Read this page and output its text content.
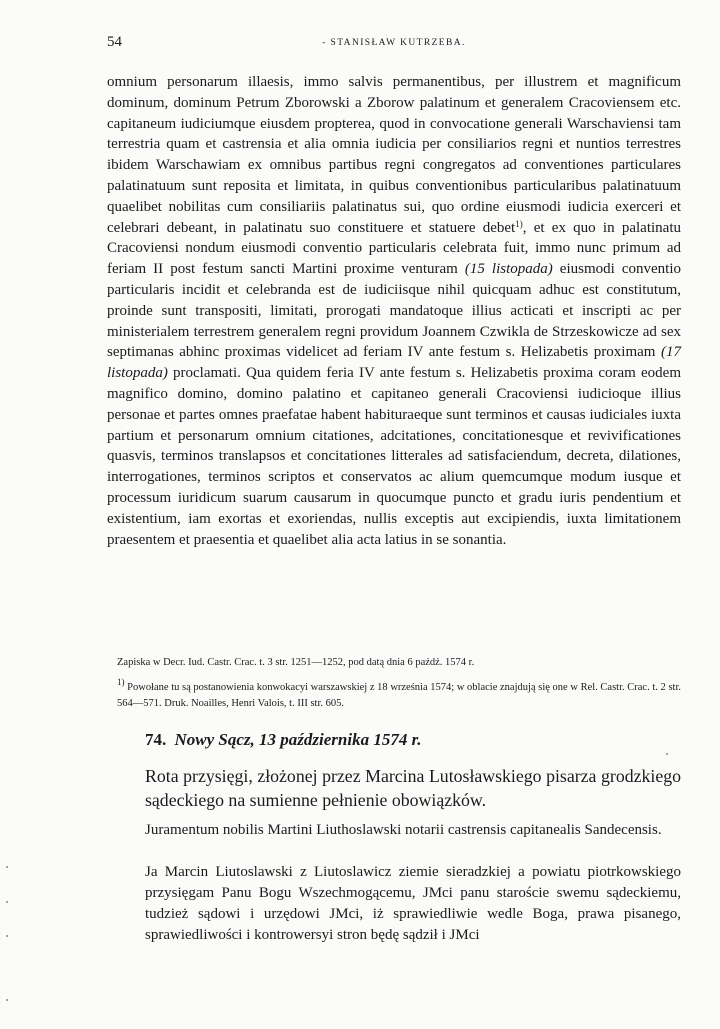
54	- STANISŁAW KUTRZEBA.

omnium personarum illaesis, immo salvis permanentibus, per illustrem et magnificum dominum, dominum Petrum Zborowski a Zborow palatinum et generalem Cracoviensem etc. capitaneum iudiciumque eiusdem propterea, quod in convocatione generali Warschaviensi tam terrestria quam et castrensia et alia omnia iudicia per consiliarios regni et nuntios terrestres ibidem Warschawiam ex omnibus partibus regni congregatos ad conventiones particulares palatinatuum sunt reposita et limitata, in quibus conventionibus particularibus palatinatuum quaelibet nobilitas cum consiliariis palatinatus sui, quo ordine eiusmodi iudicia exerceri et celebrari debeant, in palatinatu suo constituere et statuere debet$^{1)}$, et ex quo in palatinatu Cracoviensi nondum eiusmodi conventio particularis celebrata fuit, immo nunc primum ad feriam II post festum sancti Martini proxime venturam (15 listopada) eiusmodi conventio particularis incidit et celebranda est de iudiciisque nihil quicquam adhuc est constitutum, proinde sunt transpositi, limitati, prorogati mandatoque illius acticati et inscripti ac per ministerialem terrestrem generalem regni providum Joannem Czwikla de Strzeskowicze ad sex septimanas abhinc proximas videlicet ad feriam IV ante festum s. Helizabetis proximam (17 listopada) proclamati. Qua quidem feria IV ante festum s. Helizabetis proxima coram eodem magnifico domino, domino palatino et capitaneo generali Cracoviensi iudicioque illius personae et partes omnes praefatae habent habituraeque sunt terminos et causas iudiciales iuxta partium et personarum omnium citationes, adcitationes, concitationesque et revivificationes quasvis, terminos translapsos et concitationes litterales ad satisfaciendum, decreta, dilationes, interrogationes, terminos scriptos et conservatos ac alium quemcumque modum iusque et processum iuridicum suarum causarum in quocumque puncto et gradu iuris pendentium et existentium, iam exortas et exoriendas, nullis exceptis aut excipiendis, iuxta limitationem praesentem et praesentia et quaelibet alia acta latius in se sonantia.

Zapiska w Decr. Iud. Castr. Crac. t. 3 str. 1251—1252, pod datą dnia 6 paźdź. 1574 r.

$^{1)}$ Powołane tu są postanowienia konwokacyi warszawskiej z 18 września 1574; w oblacie znajdują się one w Rel. Castr. Crac. t. 2 str. 564—571. Druk. Noailles, Henri Valois, t. III str. 605.

74. Nowy Sącz, 13 października 1574 r.

Rota przysięgi, złożonej przez Marcina Lutosławskiego pisarza grodzkiego sądeckiego na sumienne pełnienie obowiązków.

Juramentum nobilis Martini Liuthoslawski notarii castrensis capitanealis Sandecensis.

Ja Marcin Liutoslawski z Liutoslawicz ziemie sieradzkiej a powiatu piotrkowskiego przysięgam Panu Bogu Wszechmogącemu, JMci panu staroście swemu sądeckiemu, tudzież sądowi i urzędowi JMci, iż sprawiedliwie wedle Boga, prawa pisanego, sprawiedliwości i kontrowersyi stron będę sądził i JMci
